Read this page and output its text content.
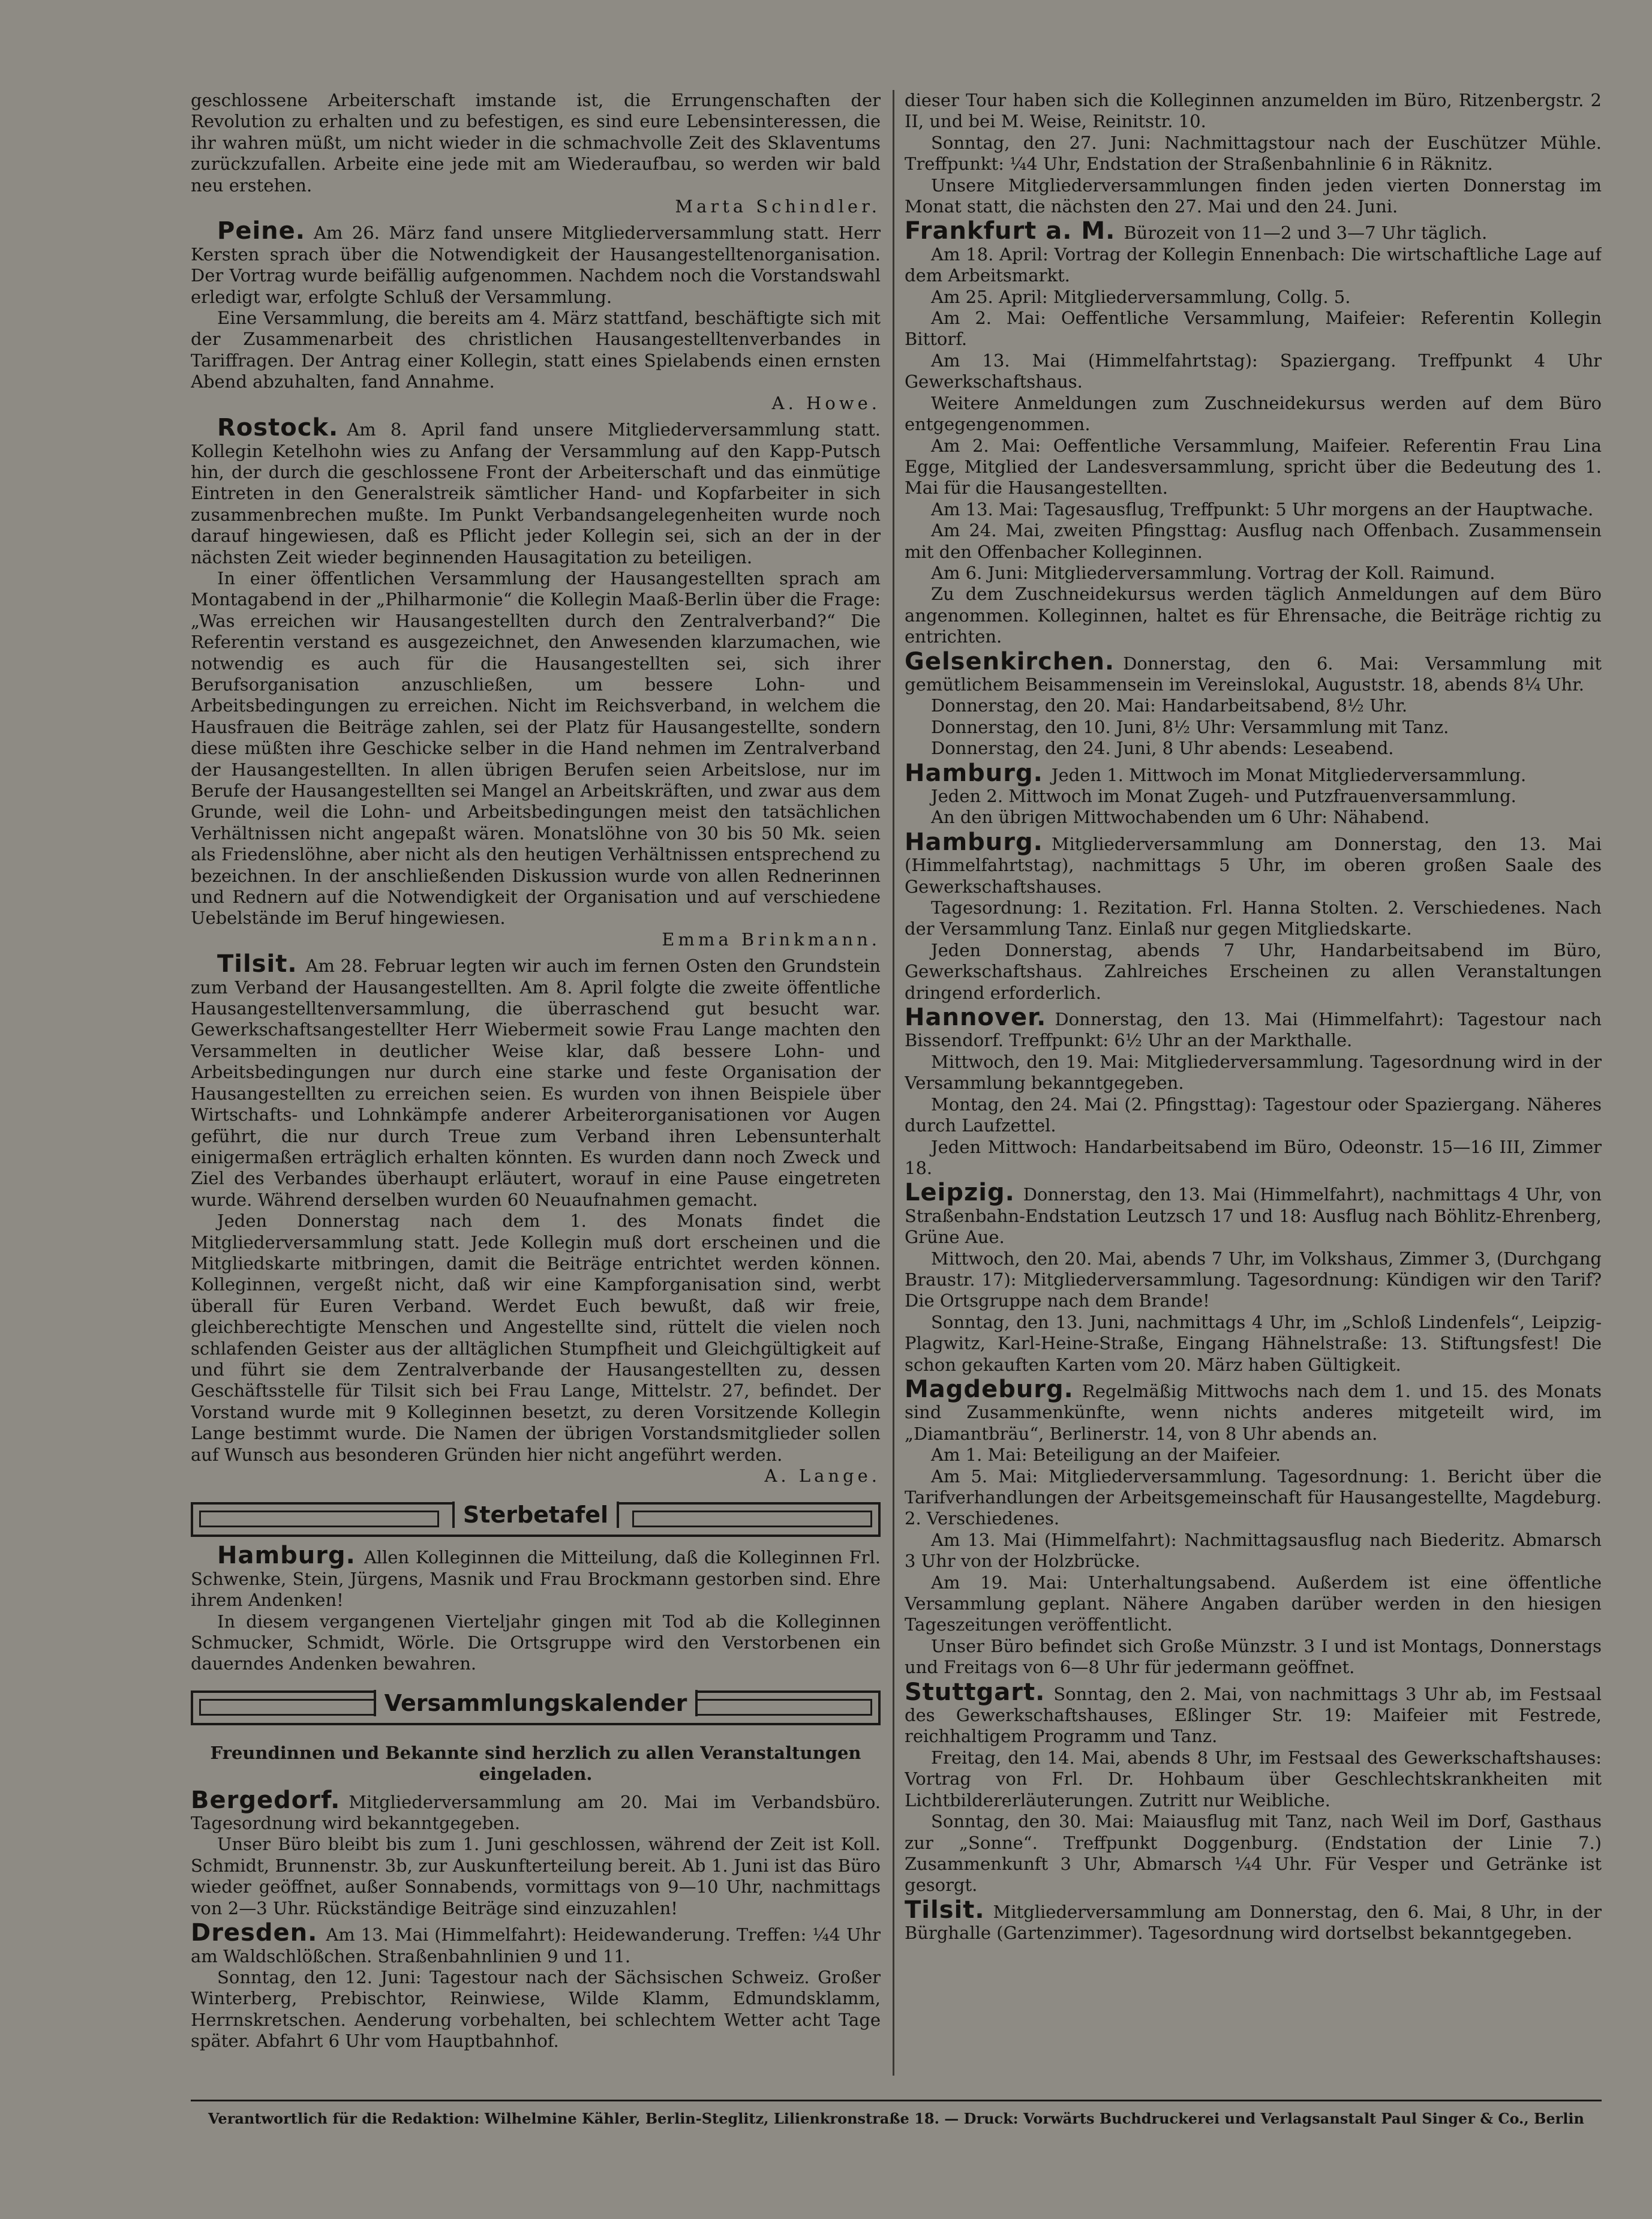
geschlossene Arbeiterschaft imstande ist, die Errungenschaften der Revolution zu erhalten und zu befestigen, es sind eure Lebensinteressen, die ihr wahren müßt, um nicht wieder in die schmachvolle Zeit des Sklaventums zurückzufallen. Arbeite eine jede mit am Wiederaufbau, so werden wir bald neu erstehen.

Marta Schindler.

Peine. Am 26. März fand unsere Mitgliederversammlung statt. Herr Kersten sprach über die Notwendigkeit der Hausangestelltenorganisation. Der Vortrag wurde beifällig aufgenommen. Nachdem noch die Vorstandswahl erledigt war, erfolgte Schluß der Versammlung.

Eine Versammlung, die bereits am 4. März stattfand, beschäftigte sich mit der Zusammenarbeit des christlichen Hausangestelltenverbandes in Tariffragen. Der Antrag einer Kollegin, statt eines Spielabends einen ernsten Abend abzuhalten, fand Annahme.

A. Howe.

Rostock. Am 8. April fand unsere Mitgliederversammlung statt. Kollegin Ketelhohn wies zu Anfang der Versammlung auf den Kapp-Putsch hin, der durch die geschlossene Front der Arbeiterschaft und das einmütige Eintreten in den Generalstreik sämtlicher Hand- und Kopfarbeiter in sich zusammenbrechen mußte. Im Punkt Verbandsangelegenheiten wurde noch darauf hingewiesen, daß es Pflicht jeder Kollegin sei, sich an der in der nächsten Zeit wieder beginnenden Hausagitation zu beteiligen.

In einer öffentlichen Versammlung der Hausangestellten sprach am Montagabend in der „Philharmonie“ die Kollegin Maaß-Berlin über die Frage: „Was erreichen wir Hausangestellten durch den Zentralverband?“ Die Referentin verstand es ausgezeichnet, den Anwesenden klarzumachen, wie notwendig es auch für die Hausangestellten sei, sich ihrer Berufsorganisation anzuschließen, um bessere Lohn- und Arbeitsbedingungen zu erreichen. Nicht im Reichsverband, in welchem die Hausfrauen die Beiträge zahlen, sei der Platz für Hausangestellte, sondern diese müßten ihre Geschicke selber in die Hand nehmen im Zentralverband der Hausangestellten. In allen übrigen Berufen seien Arbeitslose, nur im Berufe der Hausangestellten sei Mangel an Arbeitskräften, und zwar aus dem Grunde, weil die Lohn- und Arbeitsbedingungen meist den tatsächlichen Verhältnissen nicht angepaßt wären. Monatslöhne von 30 bis 50 Mk. seien als Friedenslöhne, aber nicht als den heutigen Verhältnissen entsprechend zu bezeichnen. In der anschließenden Diskussion wurde von allen Rednerinnen und Rednern auf die Notwendigkeit der Organisation und auf verschiedene Uebelstände im Beruf hingewiesen.

Emma Brinkmann.

Tilsit. Am 28. Februar legten wir auch im fernen Osten den Grundstein zum Verband der Hausangestellten. Am 8. April folgte die zweite öffentliche Hausangestelltenversammlung, die überraschend gut besucht war. Gewerkschaftsangestellter Herr Wiebermeit sowie Frau Lange machten den Versammelten in deutlicher Weise klar, daß bessere Lohn- und Arbeitsbedingungen nur durch eine starke und feste Organisation der Hausangestellten zu erreichen seien. Es wurden von ihnen Beispiele über Wirtschafts- und Lohnkämpfe anderer Arbeiterorganisationen vor Augen geführt, die nur durch Treue zum Verband ihren Lebensunterhalt einigermaßen erträglich erhalten könnten. Es wurden dann noch Zweck und Ziel des Verbandes überhaupt erläutert, worauf in eine Pause eingetreten wurde. Während derselben wurden 60 Neuaufnahmen gemacht.

Jeden Donnerstag nach dem 1. des Monats findet die Mitgliederversammlung statt. Jede Kollegin muß dort erscheinen und die Mitgliedskarte mitbringen, damit die Beiträge entrichtet werden können. Kolleginnen, vergeßt nicht, daß wir eine Kampforganisation sind, werbt überall für Euren Verband. Werdet Euch bewußt, daß wir freie, gleichberechtigte Menschen und Angestellte sind, rüttelt die vielen noch schlafenden Geister aus der alltäglichen Stumpfheit und Gleichgültigkeit auf und führt sie dem Zentralverbande der Hausangestellten zu, dessen Geschäftsstelle für Tilsit sich bei Frau Lange, Mittelstr. 27, befindet. Der Vorstand wurde mit 9 Kolleginnen besetzt, zu deren Vorsitzende Kollegin Lange bestimmt wurde. Die Namen der übrigen Vorstandsmitglieder sollen auf Wunsch aus besonderen Gründen hier nicht angeführt werden.

A. Lange.

Sterbetafel

Hamburg. Allen Kolleginnen die Mitteilung, daß die Kolleginnen Frl. Schwenke, Stein, Jürgens, Masnik und Frau Brockmann gestorben sind. Ehre ihrem Andenken!

In diesem vergangenen Vierteljahr gingen mit Tod ab die Kolleginnen Schmucker, Schmidt, Wörle. Die Ortsgruppe wird den Verstorbenen ein dauerndes Andenken bewahren.

Versammlungskalender

Freundinnen und Bekannte sind herzlich zu allen Veranstaltungen eingeladen.

Bergedorf. Mitgliederversammlung am 20. Mai im Verbandsbüro. Tagesordnung wird bekanntgegeben.

Unser Büro bleibt bis zum 1. Juni geschlossen, während der Zeit ist Koll. Schmidt, Brunnenstr. 3b, zur Auskunfterteilung bereit. Ab 1. Juni ist das Büro wieder geöffnet, außer Sonnabends, vormittags von 9—10 Uhr, nachmittags von 2—3 Uhr. Rückständige Beiträge sind einzuzahlen!

Dresden. Am 13. Mai (Himmelfahrt): Heidewanderung. Treffen: ¼4 Uhr am Waldschlößchen. Straßenbahnlinien 9 und 11.

Sonntag, den 12. Juni: Tagestour nach der Sächsischen Schweiz. Großer Winterberg, Prebischtor, Reinwiese, Wilde Klamm, Edmundsklamm, Herrnskretschen. Aenderung vorbehalten, bei schlechtem Wetter acht Tage später. Abfahrt 6 Uhr vom Hauptbahnhof.

dieser Tour haben sich die Kolleginnen anzumelden im Büro, Ritzenbergstr. 2 II, und bei M. Weise, Reinitstr. 10.

Sonntag, den 27. Juni: Nachmittagstour nach der Euschützer Mühle. Treffpunkt: ¼4 Uhr, Endstation der Straßenbahnlinie 6 in Räknitz.

Unsere Mitgliederversammlungen finden jeden vierten Donnerstag im Monat statt, die nächsten den 27. Mai und den 24. Juni.

Frankfurt a. M. Bürozeit von 11—2 und 3—7 Uhr täglich.

Am 18. April: Vortrag der Kollegin Ennenbach: Die wirtschaftliche Lage auf dem Arbeitsmarkt.

Am 25. April: Mitgliederversammlung, Collg. 5.

Am 2. Mai: Oeffentliche Versammlung, Maifeier: Referentin Kollegin Bittorf.

Am 13. Mai (Himmelfahrtstag): Spaziergang. Treffpunkt 4 Uhr Gewerkschaftshaus.

Weitere Anmeldungen zum Zuschneidekursus werden auf dem Büro entgegengenommen.

Am 2. Mai: Oeffentliche Versammlung, Maifeier. Referentin Frau Lina Egge, Mitglied der Landesversammlung, spricht über die Bedeutung des 1. Mai für die Hausangestellten.

Am 13. Mai: Tagesausflug, Treffpunkt: 5 Uhr morgens an der Hauptwache.

Am 24. Mai, zweiten Pfingsttag: Ausflug nach Offenbach. Zusammensein mit den Offenbacher Kolleginnen.

Am 6. Juni: Mitgliederversammlung. Vortrag der Koll. Raimund.

Zu dem Zuschneidekursus werden täglich Anmeldungen auf dem Büro angenommen. Kolleginnen, haltet es für Ehrensache, die Beiträge richtig zu entrichten.

Gelsenkirchen. Donnerstag, den 6. Mai: Versammlung mit gemütlichem Beisammensein im Vereinslokal, Auguststr. 18, abends 8¼ Uhr.

Donnerstag, den 20. Mai: Handarbeitsabend, 8½ Uhr.

Donnerstag, den 10. Juni, 8½ Uhr: Versammlung mit Tanz.

Donnerstag, den 24. Juni, 8 Uhr abends: Leseabend.

Hamburg. Jeden 1. Mittwoch im Monat Mitgliederversammlung.

Jeden 2. Mittwoch im Monat Zugeh- und Putzfrauenversammlung.

An den übrigen Mittwochabenden um 6 Uhr: Nähabend.

Hamburg. Mitgliederversammlung am Donnerstag, den 13. Mai (Himmelfahrtstag), nachmittags 5 Uhr, im oberen großen Saale des Gewerkschaftshauses.

Tagesordnung: 1. Rezitation. Frl. Hanna Stolten. 2. Verschiedenes. Nach der Versammlung Tanz. Einlaß nur gegen Mitgliedskarte.

Jeden Donnerstag, abends 7 Uhr, Handarbeitsabend im Büro, Gewerkschaftshaus. Zahlreiches Erscheinen zu allen Veranstaltungen dringend erforderlich.

Hannover. Donnerstag, den 13. Mai (Himmelfahrt): Tagestour nach Bissendorf. Treffpunkt: 6½ Uhr an der Markthalle.

Mittwoch, den 19. Mai: Mitgliederversammlung. Tagesordnung wird in der Versammlung bekanntgegeben.

Montag, den 24. Mai (2. Pfingsttag): Tagestour oder Spaziergang. Näheres durch Laufzettel.

Jeden Mittwoch: Handarbeitsabend im Büro, Odeonstr. 15—16 III, Zimmer 18.

Leipzig. Donnerstag, den 13. Mai (Himmelfahrt), nachmittags 4 Uhr, von Straßenbahn-Endstation Leutzsch 17 und 18: Ausflug nach Böhlitz-Ehrenberg, Grüne Aue.

Mittwoch, den 20. Mai, abends 7 Uhr, im Volkshaus, Zimmer 3, (Durchgang Braustr. 17): Mitgliederversammlung. Tagesordnung: Kündigen wir den Tarif? Die Ortsgruppe nach dem Brande!

Sonntag, den 13. Juni, nachmittags 4 Uhr, im „Schloß Lindenfels“, Leipzig-Plagwitz, Karl-Heine-Straße, Eingang Hähnelstraße: 13. Stiftungsfest! Die schon gekauften Karten vom 20. März haben Gültigkeit.

Magdeburg. Regelmäßig Mittwochs nach dem 1. und 15. des Monats sind Zusammenkünfte, wenn nichts anderes mitgeteilt wird, im „Diamantbräu“, Berlinerstr. 14, von 8 Uhr abends an.

Am 1. Mai: Beteiligung an der Maifeier.

Am 5. Mai: Mitgliederversammlung. Tagesordnung: 1. Bericht über die Tarifverhandlungen der Arbeitsgemeinschaft für Hausangestellte, Magdeburg. 2. Verschiedenes.

Am 13. Mai (Himmelfahrt): Nachmittagsausflug nach Biederitz. Abmarsch 3 Uhr von der Holzbrücke.

Am 19. Mai: Unterhaltungsabend. Außerdem ist eine öffentliche Versammlung geplant. Nähere Angaben darüber werden in den hiesigen Tageszeitungen veröffentlicht.

Unser Büro befindet sich Große Münzstr. 3 I und ist Montags, Donnerstags und Freitags von 6—8 Uhr für jedermann geöffnet.

Stuttgart. Sonntag, den 2. Mai, von nachmittags 3 Uhr ab, im Festsaal des Gewerkschaftshauses, Eßlinger Str. 19: Maifeier mit Festrede, reichhaltigem Programm und Tanz.

Freitag, den 14. Mai, abends 8 Uhr, im Festsaal des Gewerkschaftshauses: Vortrag von Frl. Dr. Hohbaum über Geschlechtskrankheiten mit Lichtbildererläuterungen. Zutritt nur Weibliche.

Sonntag, den 30. Mai: Maiausflug mit Tanz, nach Weil im Dorf, Gasthaus zur „Sonne“. Treffpunkt Doggenburg. (Endstation der Linie 7.) Zusammenkunft 3 Uhr, Abmarsch ¼4 Uhr. Für Vesper und Getränke ist gesorgt.

Tilsit. Mitgliederversammlung am Donnerstag, den 6. Mai, 8 Uhr, in der Bürghalle (Gartenzimmer). Tagesordnung wird dortselbst bekanntgegeben.

Verantwortlich für die Redaktion: Wilhelmine Kähler, Berlin-Steglitz, Lilienkronstraße 18. — Druck: Vorwärts Buchdruckerei und Verlagsanstalt Paul Singer & Co., Berlin
